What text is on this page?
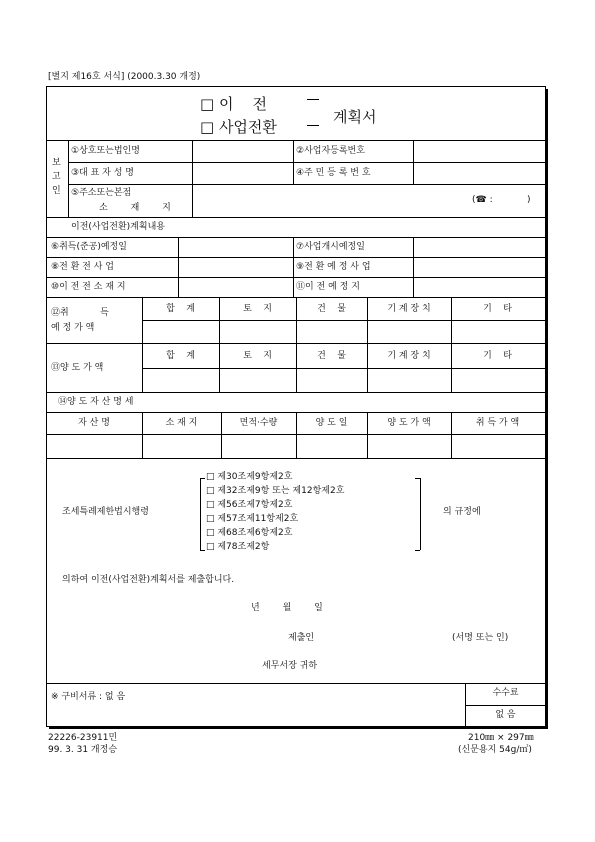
[별지 제16호 서식] (2000.3.30 개정)
□ 이    전
□ 사업전환
계획서
보
고
인
①상호또는법인명	②사업자등록번호
③대 표 자 성 명	④주 민 등 록 번 호
⑤주소또는본점
소        재        지
(☎ :            )
이전(사업전환)계획내용
⑥취득(준공)예정일	⑦사업개시예정일
⑧전 환 전 사 업	⑨전 환 예 정 사 업
⑩이 전 전 소 재 지	⑪이 전 예 정 지
⑫취           득
예 정 가 액
합    계	토    지	건    물	기 계 장 치	기    타
⑬양 도 가 액
합    계	토    지	건    물	기 계 장 치	기    타
⑭양 도 자 산 명 세
자 산 명	소 재 지	면적·수량	양 도 일	양 도 가 액	취 득 가 액
조세특례제한법시행령
□ 제30조제9항제2호
□ 제32조제9항 또는 제12항제2호
□ 제56조제7항제2호
□ 제57조제11항제2호
□ 제68조제6항제2호
□ 제78조제2항
의 규정에
의하여 이전(사업전환)계획서를 제출합니다.
년        월        일
제출인	(서명 또는 인)
세무서장 귀하
※ 구비서류 : 없 음	수수료
없 음
22226-23911민
99. 3. 31 개정승
210㎜ × 297㎜
(신문용지 54g/㎡)
